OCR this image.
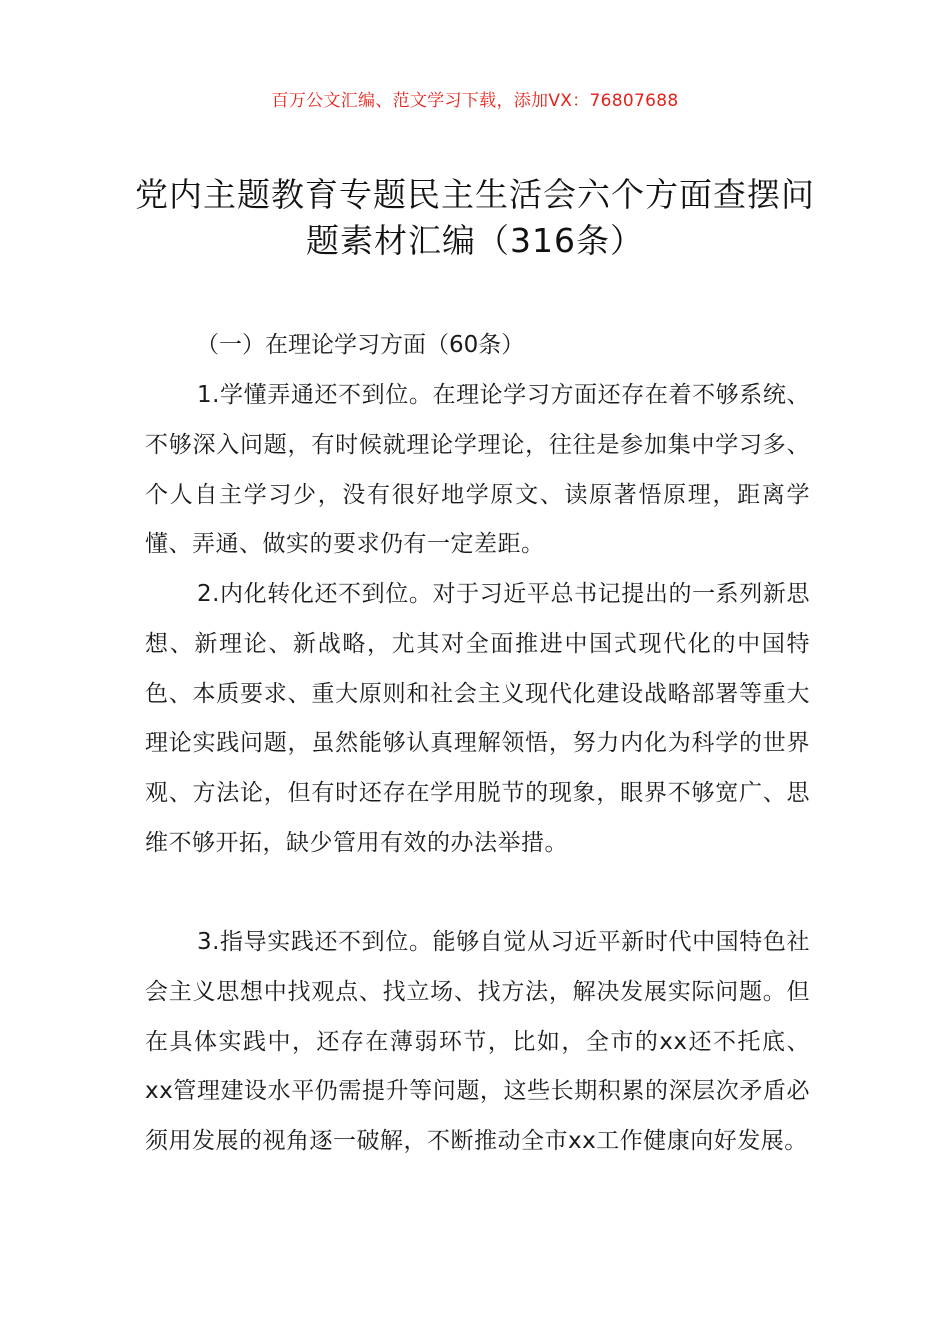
百万公文汇编、范文学习下载，添加VX：76807688
党内主题教育专题民主生活会六个方面查摆问题素材汇编（316条）
（一）在理论学习方面（60条）

1.学懂弄通还不到位。在理论学习方面还存在着不够系统、不够深入问题，有时候就理论学理论，往往是参加集中学习多、个人自主学习少，没有很好地学原文、读原著悟原理，距离学懂、弄通、做实的要求仍有一定差距。

2.内化转化还不到位。对于习近平总书记提出的一系列新思想、新理论、新战略，尤其对全面推进中国式现代化的中国特色、本质要求、重大原则和社会主义现代化建设战略部署等重大理论实践问题，虽然能够认真理解领悟，努力内化为科学的世界观、方法论，但有时还存在学用脱节的现象，眼界不够宽广、思维不够开拓，缺少管用有效的办法举措。

3.指导实践还不到位。能够自觉从习近平新时代中国特色社会主义思想中找观点、找立场、找方法，解决发展实际问题。但在具体实践中，还存在薄弱环节，比如，全市的xx还不托底、xx管理建设水平仍需提升等问题，这些长期积累的深层次矛盾必须用发展的视角逐一破解，不断推动全市xx工作健康向好发展。
